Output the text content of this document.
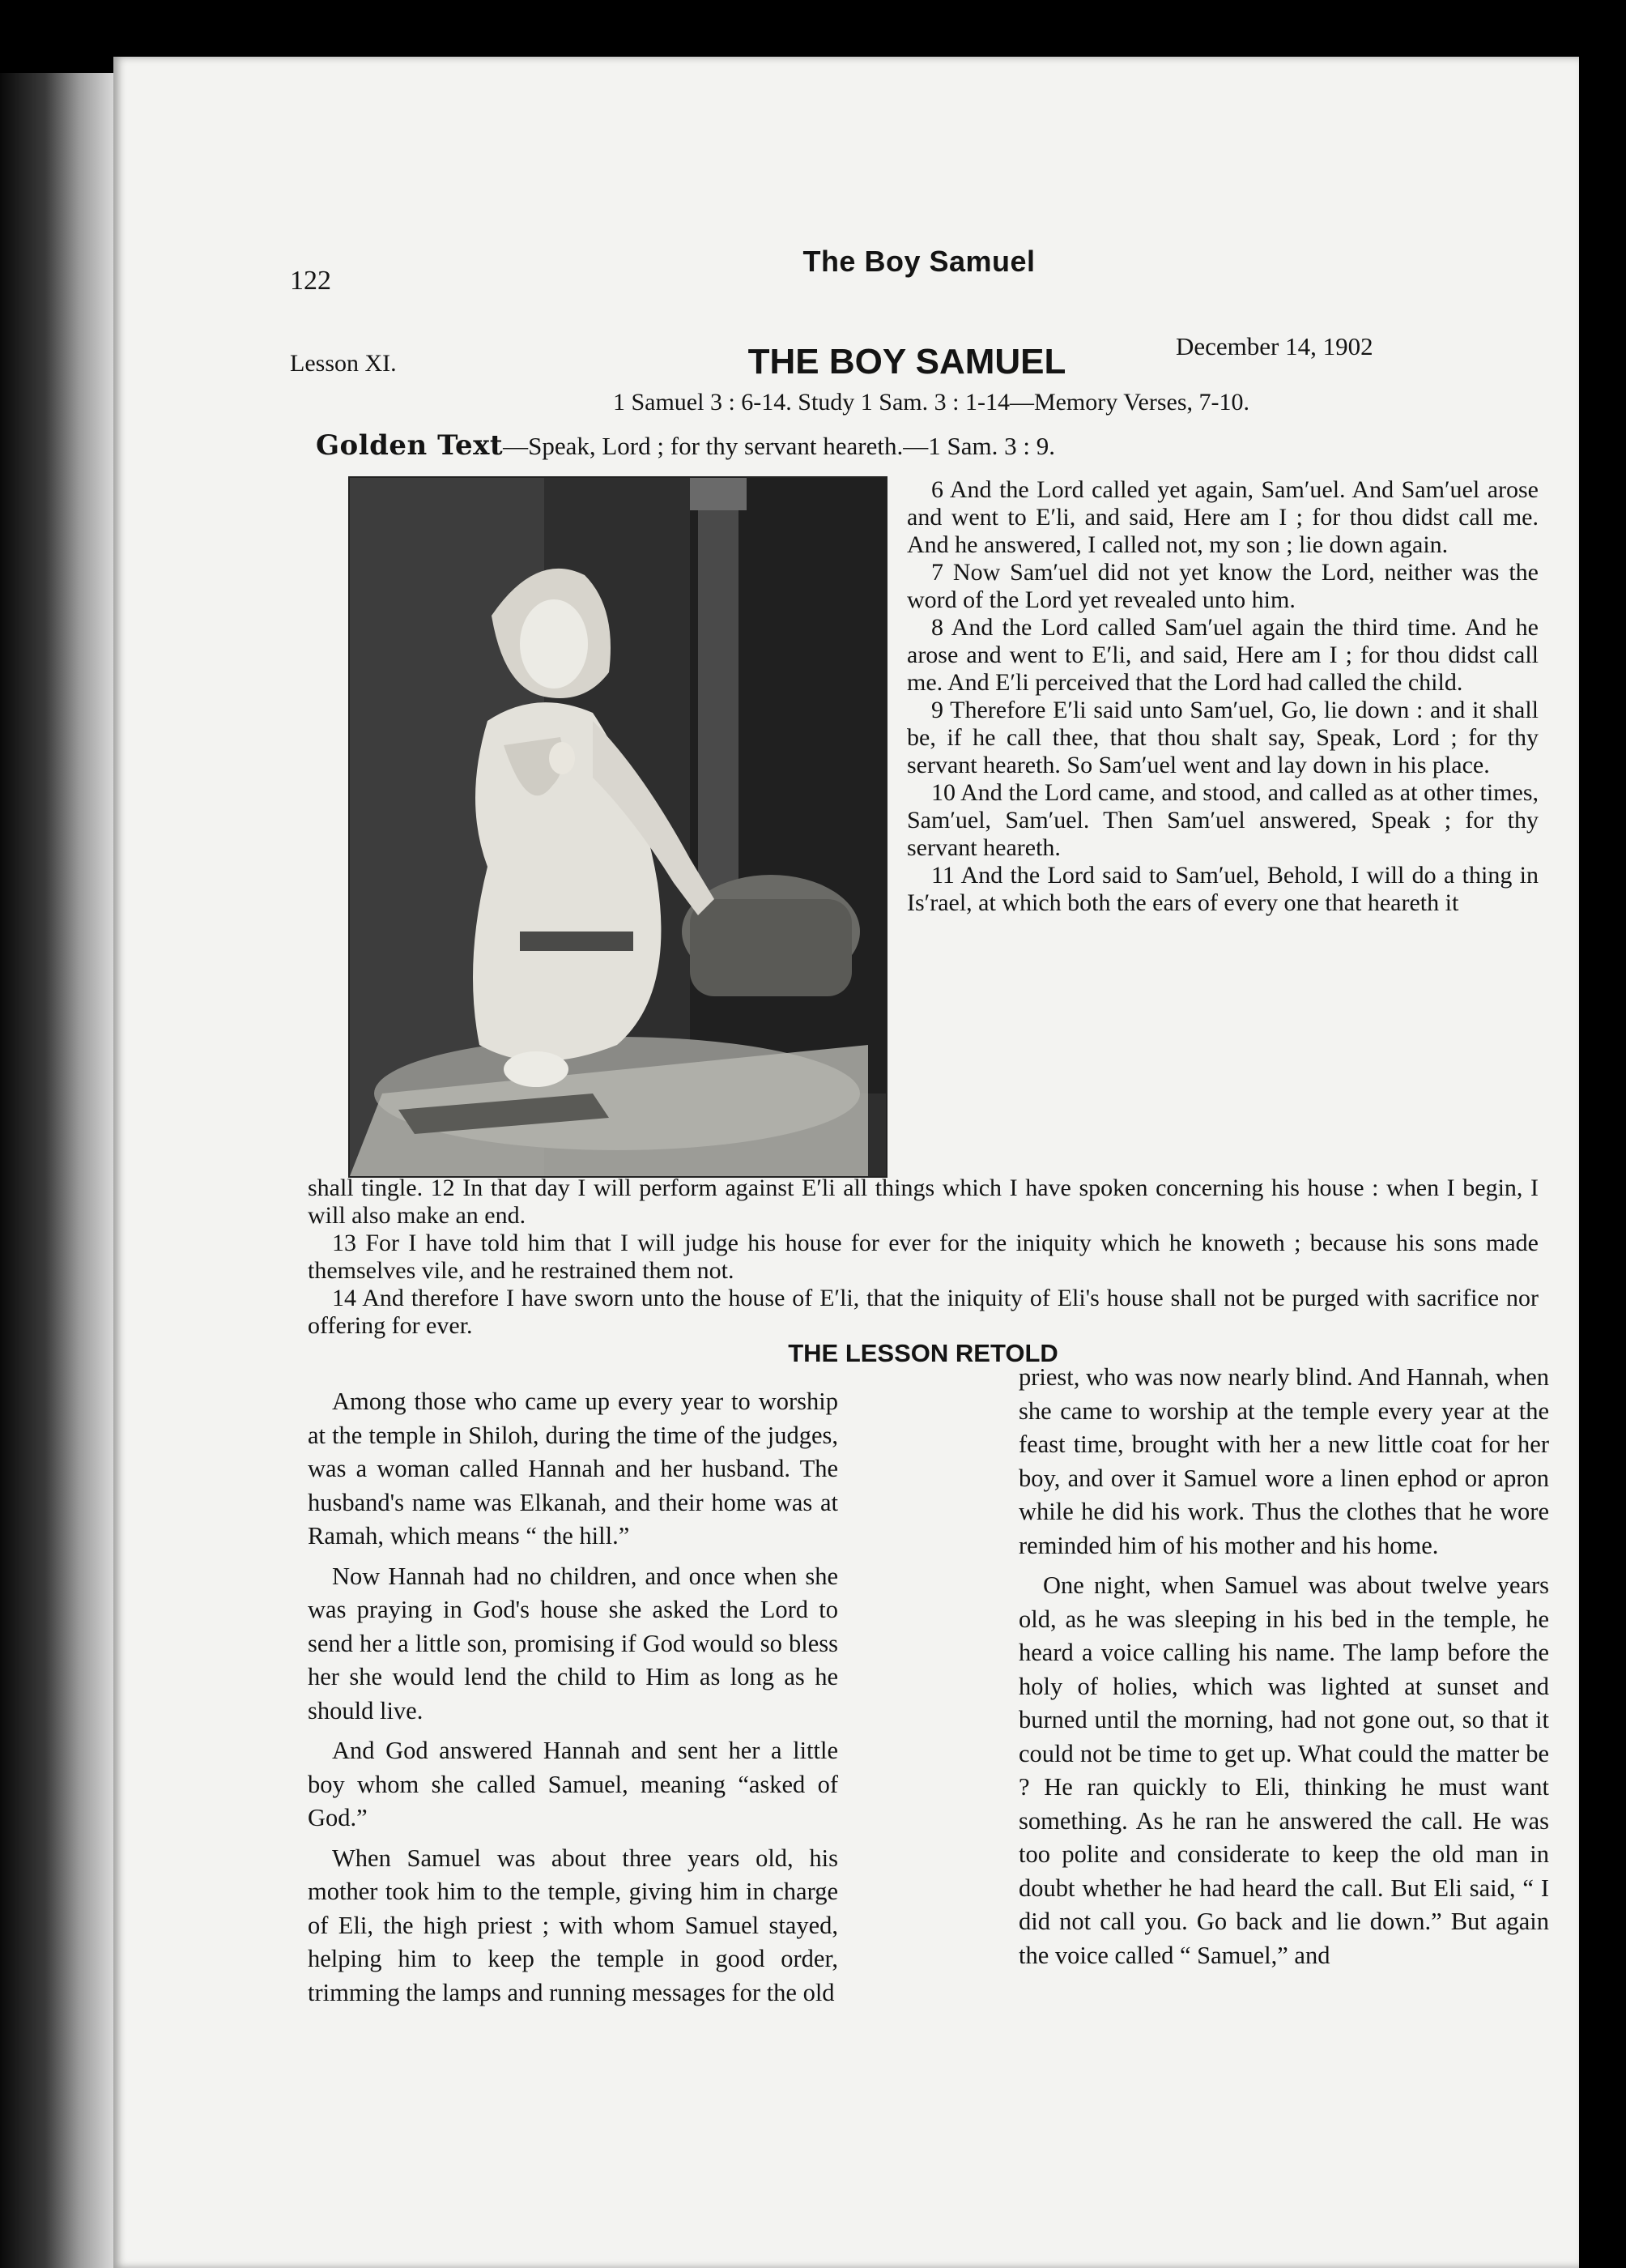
The Boy Samuel
122
Lesson XI.	THE BOY SAMUEL	December 14, 1902
1 Samuel 3 : 6-14. Study 1 Sam. 3 : 1-14—Memory Verses, 7-10.
Golden Text—Speak, Lord ; for thy servant heareth.—1 Sam. 3 : 9.

6 And the Lord called yet again, Sam′uel. And Sam′uel arose and went to E′li, and said, Here am I ; for thou didst call me. And he answered, I called not, my son ; lie down again.

7 Now Sam′uel did not yet know the Lord, neither was the word of the Lord yet revealed unto him.

8 And the Lord called Sam′uel again the third time. And he arose and went to E′li, and said, Here am I ; for thou didst call me. And E′li perceived that the Lord had called the child.

9 Therefore E′li said unto Sam′uel, Go, lie down : and it shall be, if he call thee, that thou shalt say, Speak, Lord ; for thy servant heareth. So Sam′uel went and lay down in his place.

10 And the Lord came, and stood, and called as at other times, Sam′uel, Sam′uel. Then Sam′uel answered, Speak ; for thy servant heareth.

11 And the Lord said to Sam′uel, Behold, I will do a thing in Is′rael, at which both the ears of every one that heareth it

shall tingle. 12 In that day I will perform against E′li all things which I have spoken concerning his house : when I begin, I will also make an end.

13 For I have told him that I will judge his house for ever for the iniquity which he knoweth ; because his sons made themselves vile, and he restrained them not.

14 And therefore I have sworn unto the house of E′li, that the iniquity of Eli's house shall not be purged with sacrifice nor offering for ever.

THE LESSON RETOLD

Among those who came up every year to worship at the temple in Shiloh, during the time of the judges, was a woman called Hannah and her husband. The husband's name was Elkanah, and their home was at Ramah, which means “ the hill.”

Now Hannah had no children, and once when she was praying in God's house she asked the Lord to send her a little son, promising if God would so bless her she would lend the child to Him as long as he should live.

And God answered Hannah and sent her a little boy whom she called Samuel, meaning “asked of God.”

When Samuel was about three years old, his mother took him to the temple, giving him in charge of Eli, the high priest ; with whom Samuel stayed, helping him to keep the temple in good order, trimming the lamps and running messages for the old

priest, who was now nearly blind. And Hannah, when she came to worship at the temple every year at the feast time, brought with her a new little coat for her boy, and over it Samuel wore a linen ephod or apron while he did his work. Thus the clothes that he wore reminded him of his mother and his home.

One night, when Samuel was about twelve years old, as he was sleeping in his bed in the temple, he heard a voice calling his name. The lamp before the holy of holies, which was lighted at sunset and burned until the morning, had not gone out, so that it could not be time to get up. What could the matter be ? He ran quickly to Eli, thinking he must want something. As he ran he answered the call. He was too polite and considerate to keep the old man in doubt whether he had heard the call. But Eli said, “ I did not call you. Go back and lie down.” But again the voice called “ Samuel,” and
